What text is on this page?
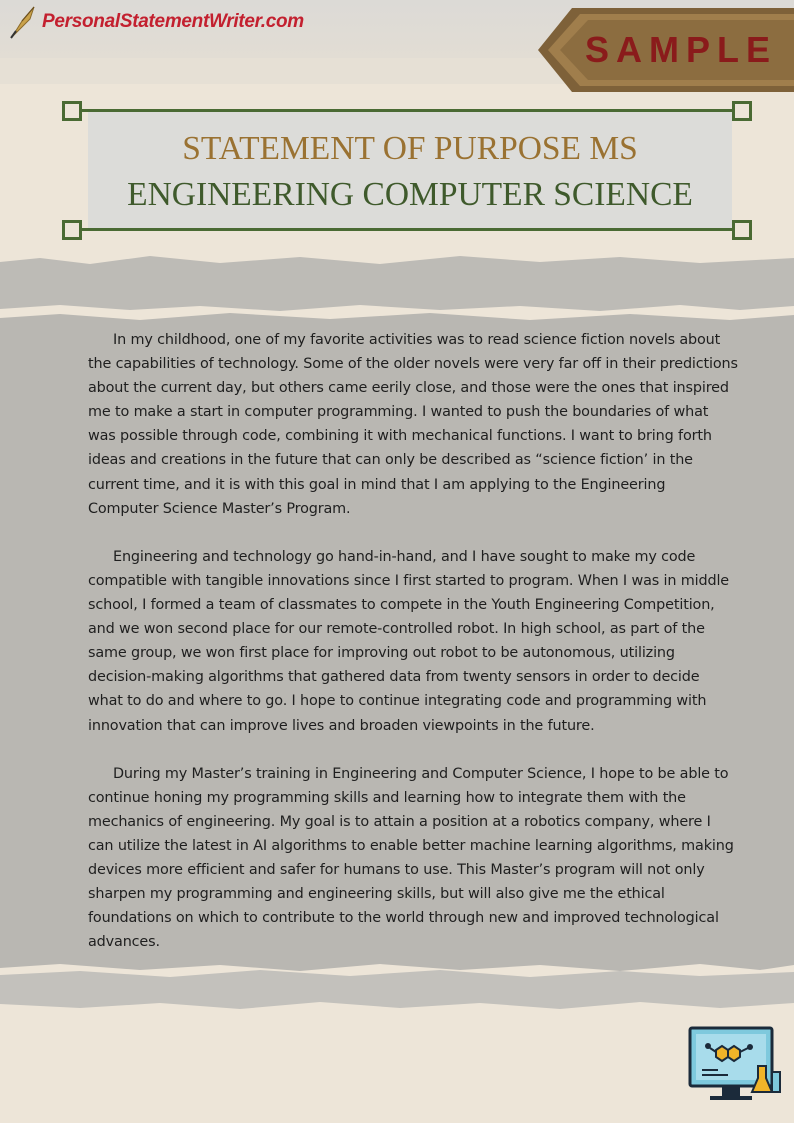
PersonalStatementWriter.com
SAMPLE
STATEMENT OF PURPOSE MS
ENGINEERING COMPUTER SCIENCE

In my childhood, one of my favorite activities was to read science fiction novels about the capabilities of technology. Some of the older novels were very far off in their predictions about the current day, but others came eerily close, and those were the ones that inspired me to make a start in computer programming. I wanted to push the boundaries of what was possible through code, combining it with mechanical functions. I want to bring forth ideas and creations in the future that can only be described as “science fiction’ in the current time, and it is with this goal in mind that I am applying to the Engineering Computer Science Master’s Program.

Engineering and technology go hand-in-hand, and I have sought to make my code compatible with tangible innovations since I first started to program. When I was in middle school, I formed a team of classmates to compete in the Youth Engineering Competition, and we won second place for our remote-controlled robot. In high school, as part of the same group, we won first place for improving out robot to be autonomous, utilizing decision-making algorithms that gathered data from twenty sensors in order to decide what to do and where to go. I hope to continue integrating code and programming with innovation that can improve lives and broaden viewpoints in the future.

During my Master’s training in Engineering and Computer Science, I hope to be able to continue honing my programming skills and learning how to integrate them with the mechanics of engineering. My goal is to attain a position at a robotics company, where I can utilize the latest in AI algorithms to enable better machine learning algorithms, making devices more efficient and safer for humans to use. This Master’s program will not only sharpen my programming and engineering skills, but will also give me the ethical foundations on which to contribute to the world through new and improved technological advances.
